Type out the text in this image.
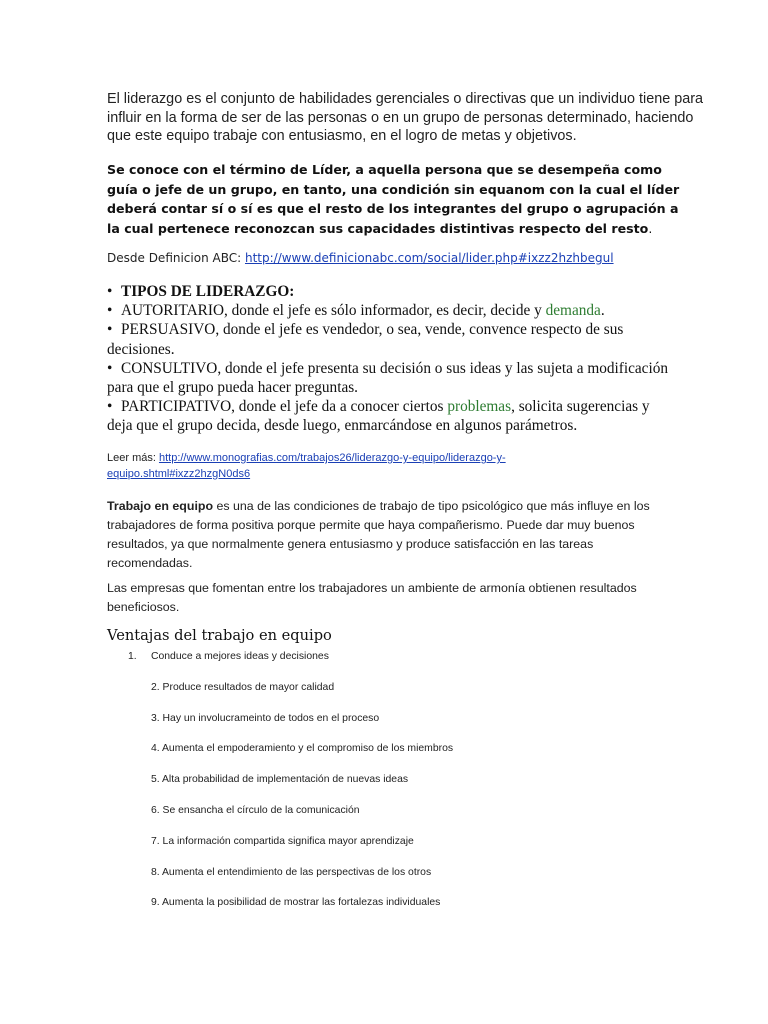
El liderazgo es el conjunto de habilidades gerenciales o directivas que un individuo tiene para influir en la forma de ser de las personas o en un grupo de personas determinado, haciendo que este equipo trabaje con entusiasmo, en el logro de metas y objetivos.

Se conoce con el término de Líder, a aquella persona que se desempeña como guía o jefe de un grupo, en tanto, una condición sin equanom con la cual el líder deberá contar sí o sí es que el resto de los integrantes del grupo o agrupación a la cual pertenece reconozcan sus capacidades distintivas respecto del resto.

Desde Definicion ABC: http://www.definicionabc.com/social/lider.php#ixzz2hzhbegul
• TIPOS DE LIDERAZGO:
• AUTORITARIO, donde el jefe es sólo informador, es decir, decide y demanda.
• PERSUASIVO, donde el jefe es vendedor, o sea, vende, convence respecto de sus decisiones.
• CONSULTIVO, donde el jefe presenta su decisión o sus ideas y las sujeta a modificación para que el grupo pueda hacer preguntas.
• PARTICIPATIVO, donde el jefe da a conocer ciertos problemas, solicita sugerencias y deja que el grupo decida, desde luego, enmarcándose en algunos parámetros.
Leer más: http://www.monografias.com/trabajos26/liderazgo-y-equipo/liderazgo-y-equipo.shtml#ixzz2hzgN0ds6

Trabajo en equipo es una de las condiciones de trabajo de tipo psicológico que más influye en los trabajadores de forma positiva porque permite que haya compañerismo. Puede dar muy buenos resultados, ya que normalmente genera entusiasmo y produce satisfacción en las tareas recomendadas.

Las empresas que fomentan entre los trabajadores un ambiente de armonía obtienen resultados beneficiosos.

Ventajas del trabajo en equipo
1. Conduce a mejores ideas y decisiones
2. Produce resultados de mayor calidad
3. Hay un involucrameinto de todos en el proceso
4. Aumenta el empoderamiento y el compromiso de los miembros
5. Alta probabilidad de implementación de nuevas ideas
6. Se ensancha el círculo de la comunicación
7. La información compartida significa mayor aprendizaje
8. Aumenta el entendimiento de las perspectivas de los otros
9. Aumenta la posibilidad de mostrar las fortalezas individuales
